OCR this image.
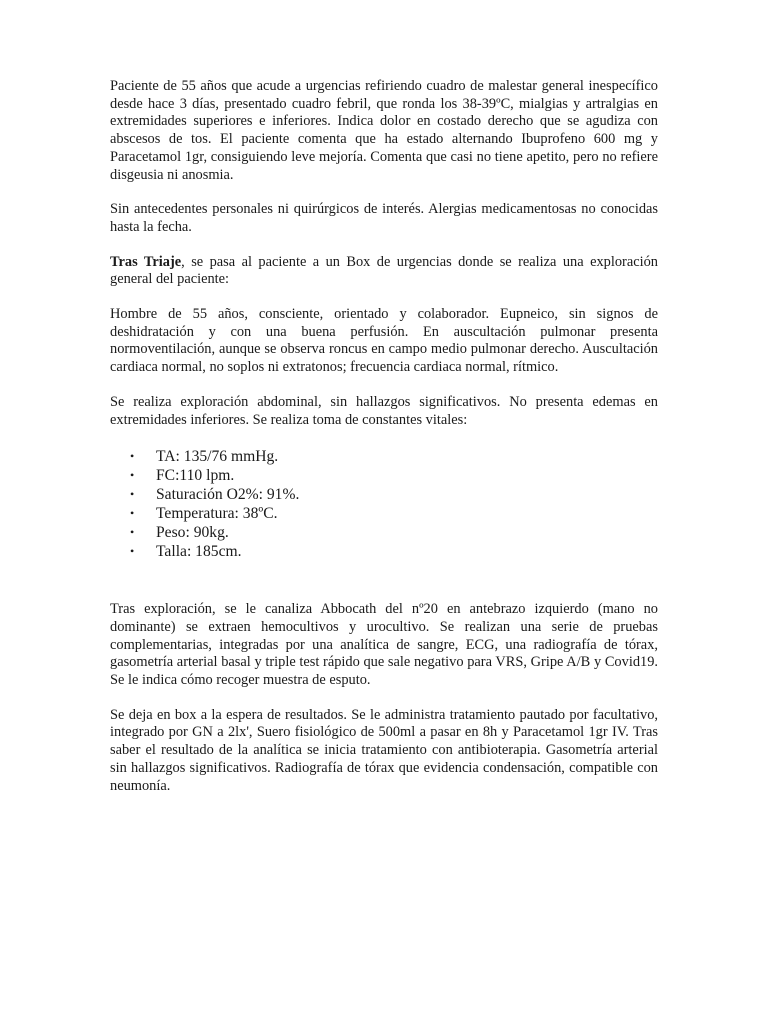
Paciente de 55 años que acude a urgencias refiriendo cuadro de malestar general inespecífico desde hace 3 días, presentado cuadro febril, que ronda los 38-39ºC, mialgias y artralgias en extremidades superiores e inferiores. Indica dolor en costado derecho que se agudiza con abscesos de tos. El paciente comenta que ha estado alternando Ibuprofeno 600 mg y Paracetamol 1gr, consiguiendo leve mejoría. Comenta que casi no tiene apetito, pero no refiere disgeusia ni anosmia.

Sin antecedentes personales ni quirúrgicos de interés. Alergias medicamentosas no conocidas hasta la fecha.

Tras Triaje, se pasa al paciente a un Box de urgencias donde se realiza una exploración general del paciente:

Hombre de 55 años, consciente, orientado y colaborador. Eupneico, sin signos de deshidratación y con una buena perfusión. En auscultación pulmonar presenta normoventilación, aunque se observa roncus en campo medio pulmonar derecho. Auscultación cardiaca normal, no soplos ni extratonos; frecuencia cardiaca normal, rítmico.

Se realiza exploración abdominal, sin hallazgos significativos. No presenta edemas en extremidades inferiores. Se realiza toma de constantes vitales:

• TA: 135/76 mmHg.
• FC:110 lpm.
• Saturación O2%: 91%.
• Temperatura: 38ºC.
• Peso: 90kg.
• Talla: 185cm.

Tras exploración, se le canaliza Abbocath del nº20 en antebrazo izquierdo (mano no dominante) se extraen hemocultivos y urocultivo. Se realizan una serie de pruebas complementarias, integradas por una analítica de sangre, ECG, una radiografía de tórax, gasometría arterial basal y triple test rápido que sale negativo para VRS, Gripe A/B y Covid19. Se le indica cómo recoger muestra de esputo.

Se deja en box a la espera de resultados. Se le administra tratamiento pautado por facultativo, integrado por GN a 2lx', Suero fisiológico de 500ml a pasar en 8h y Paracetamol 1gr IV. Tras saber el resultado de la analítica se inicia tratamiento con antibioterapia. Gasometría arterial sin hallazgos significativos. Radiografía de tórax que evidencia condensación, compatible con neumonía.
